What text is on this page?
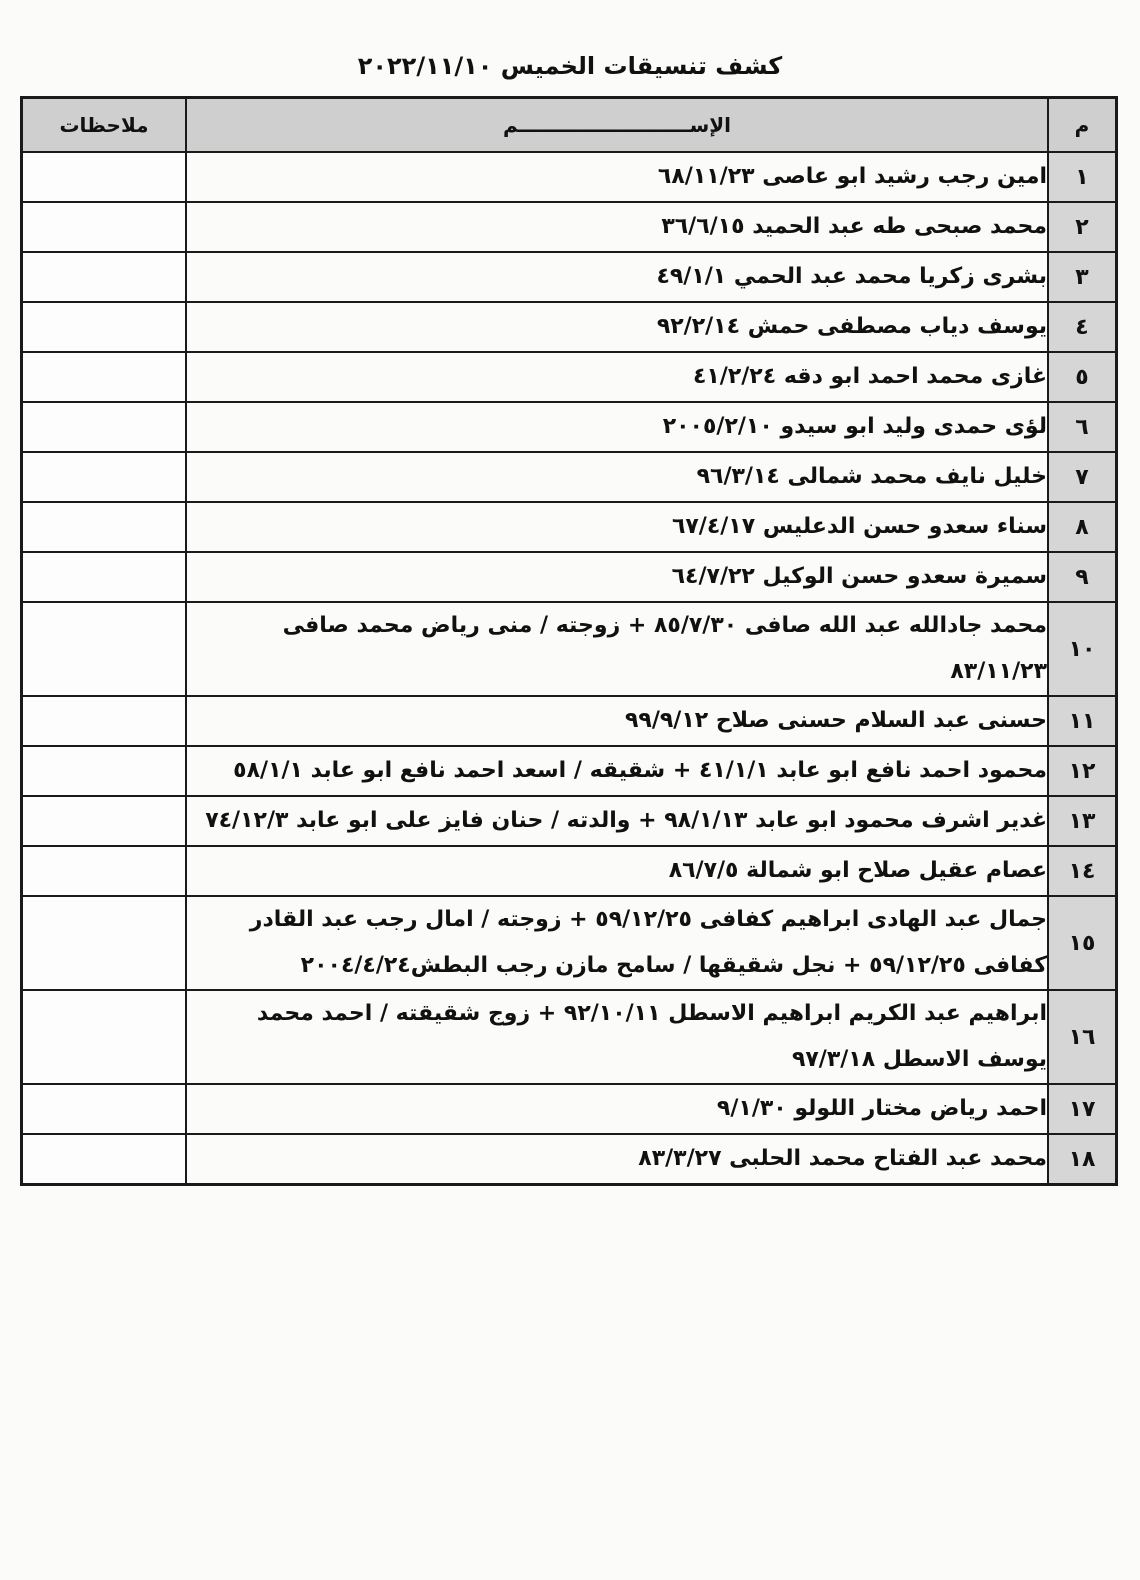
كشف تنسيقات الخميس ٢٠٢٢/١١/١٠
م	الإســـــــــــــــــــــــــم	ملاحظات
١	امين رجب رشيد ابو عاصى ٦٨/١١/٢٣	
٢	محمد صبحى طه عبد الحميد ٣٦/٦/١٥	
٣	بشرى زكريا محمد عبد الحمي ٤٩/١/١	
٤	يوسف دياب مصطفى حمش ٩٢/٢/١٤	
٥	غازى محمد احمد ابو دقه ٤١/٢/٢٤	
٦	لؤى حمدى وليد ابو سيدو ٢٠٠٥/٢/١٠	
٧	خليل نايف محمد شمالى ٩٦/٣/١٤	
٨	سناء سعدو حسن الدعليس ٦٧/٤/١٧	
٩	سميرة سعدو حسن الوكيل ٦٤/٧/٢٢	
١٠	محمد جادالله عبد الله صافى ٨٥/٧/٣٠ + زوجته / منى رياض محمد صافى ٨٣/١١/٢٣	
١١	حسنى عبد السلام حسنى صلاح ٩٩/٩/١٢	
١٢	محمود احمد نافع ابو عابد ٤١/١/١ + شقيقه / اسعد احمد نافع ابو عابد ٥٨/١/١	
١٣	غدير اشرف محمود ابو عابد ٩٨/١/١٣ + والدته / حنان فايز على ابو عابد ٧٤/١٢/٣	
١٤	عصام عقيل صلاح ابو شمالة ٨٦/٧/٥	
١٥	جمال عبد الهادى ابراهيم كفافى ٥٩/١٢/٢٥ + زوجته / امال رجب عبد القادر كفافى ٥٩/١٢/٢٥ + نجل شقيقها / سامح مازن رجب البطش٢٠٠٤/٤/٢٤	
١٦	ابراهيم عبد الكريم ابراهيم الاسطل ٩٢/١٠/١١ + زوج شقيقته / احمد محمد يوسف الاسطل ٩٧/٣/١٨	
١٧	احمد رياض مختار اللولو ٩/١/٣٠	
١٨	محمد عبد الفتاح محمد الحلبى ٨٣/٣/٢٧	
